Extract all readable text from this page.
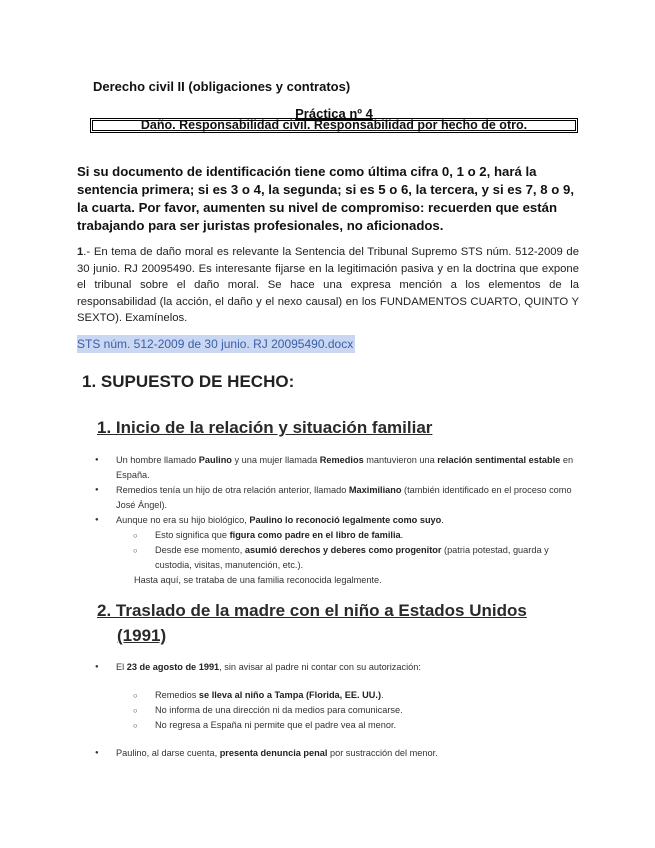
Derecho civil II (obligaciones y contratos)
Práctica nº 4
Daño. Responsabilidad civil. Responsabilidad por hecho de otro.
Si su documento de identificación tiene como última cifra 0, 1 o 2, hará la sentencia primera; si es 3 o 4, la segunda; si es 5 o 6, la tercera, y si es 7, 8 o 9, la cuarta. Por favor, aumenten su nivel de compromiso: recuerden que están trabajando para ser juristas profesionales, no aficionados.
1.- En tema de daño moral es relevante la Sentencia del Tribunal Supremo STS núm. 512-2009 de 30 junio. RJ 20095490. Es interesante fijarse en la legitimación pasiva y en la doctrina que expone el tribunal sobre el daño moral. Se hace una expresa mención a los elementos de la responsabilidad (la acción, el daño y el nexo causal) en los FUNDAMENTOS CUARTO, QUINTO Y SEXTO). Examínelos.
STS núm. 512-2009 de 30 junio. RJ 20095490.docx
1. SUPUESTO DE HECHO:
1. Inicio de la relación y situación familiar
● Un hombre llamado Paulino y una mujer llamada Remedios mantuvieron una relación sentimental estable en España.
● Remedios tenía un hijo de otra relación anterior, llamado Maximiliano (también identificado en el proceso como José Ángel).
● Aunque no era su hijo biológico, Paulino lo reconoció legalmente como suyo.
○ Esto significa que figura como padre en el libro de familia.
○ Desde ese momento, asumió derechos y deberes como progenitor (patria potestad, guarda y custodia, visitas, manutención, etc.).
Hasta aquí, se trataba de una familia reconocida legalmente.
2. Traslado de la madre con el niño a Estados Unidos
(1991)
● El 23 de agosto de 1991, sin avisar al padre ni contar con su autorización:
○ Remedios se lleva al niño a Tampa (Florida, EE. UU.).
○ No informa de una dirección ni da medios para comunicarse.
○ No regresa a España ni permite que el padre vea al menor.
● Paulino, al darse cuenta, presenta denuncia penal por sustracción del menor.
